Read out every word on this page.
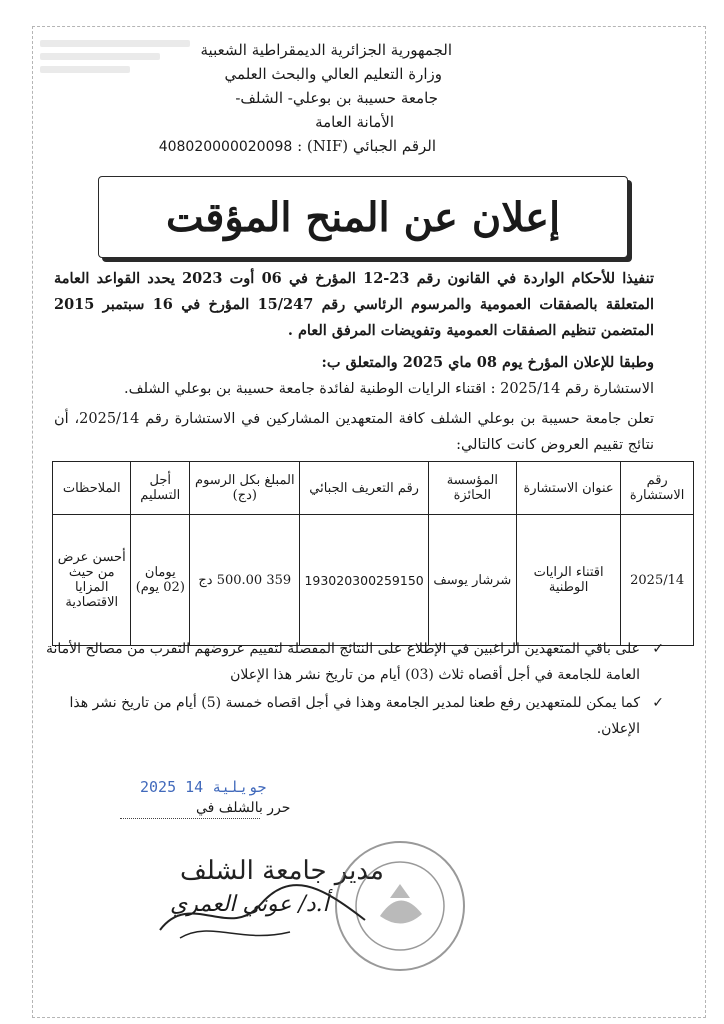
الجمهورية الجزائرية الديمقراطية الشعبية
وزارة التعليم العالي والبحث العلمي
جامعة حسيبة بن بوعلي- الشلف-
الأمانة العامة
الرقم الجبائي (NIF) : 408020000020098
إعلان عن المنح المؤقت
تنفيذا للأحكام الواردة في القانون رقم 23-12 المؤرخ في 06 أوت 2023 يحدد القواعد العامة المتعلقة بالصفقات العمومية والمرسوم الرئاسي رقم 15/247 المؤرخ في 16 سبتمبر 2015 المتضمن تنظيم الصفقات العمومية وتفويضات المرفق العام .
وطبقا للإعلان المؤرخ يوم 08 ماي 2025 والمتعلق ب:
الاستشارة رقم 2025/14 : اقتناء الرايات الوطنية لفائدة جامعة حسيبة بن بوعلي الشلف.
تعلن جامعة حسيبة بن بوعلي الشلف كافة المتعهدين المشاركين في الاستشارة رقم 2025/14، أن نتائج تقييم العروض كانت كالتالي:
رقم الاستشارة	عنوان الاستشارة	المؤسسة الحائزة	رقم التعريف الجبائي	المبلغ بكل الرسوم (دج)	أجل التسليم	الملاحظات
2025/14	اقتناء الرايات الوطنية	شرشار يوسف	193020300259150	359 500.00 دج	يومان (02 يوم)	أحسن عرض من حيث المزايا الاقتصادية
✓
على باقي المتعهدين الراغبين في الإطلاع على النتائج المفصلة لتقييم عروضهم التقرب من مصالح الأمانة العامة للجامعة في أجل أقصاه ثلاث (03) أيام من تاريخ نشر هذا الإعلان
✓
كما يمكن للمتعهدين رفع طعنا لمدير الجامعة وهذا في أجل اقصاه خمسة (5) أيام من تاريخ نشر هذا الإعلان.
2025 جويلية 14
حرر بالشلف في
مدير جامعة الشلف
أ.د/ عوني العمري
